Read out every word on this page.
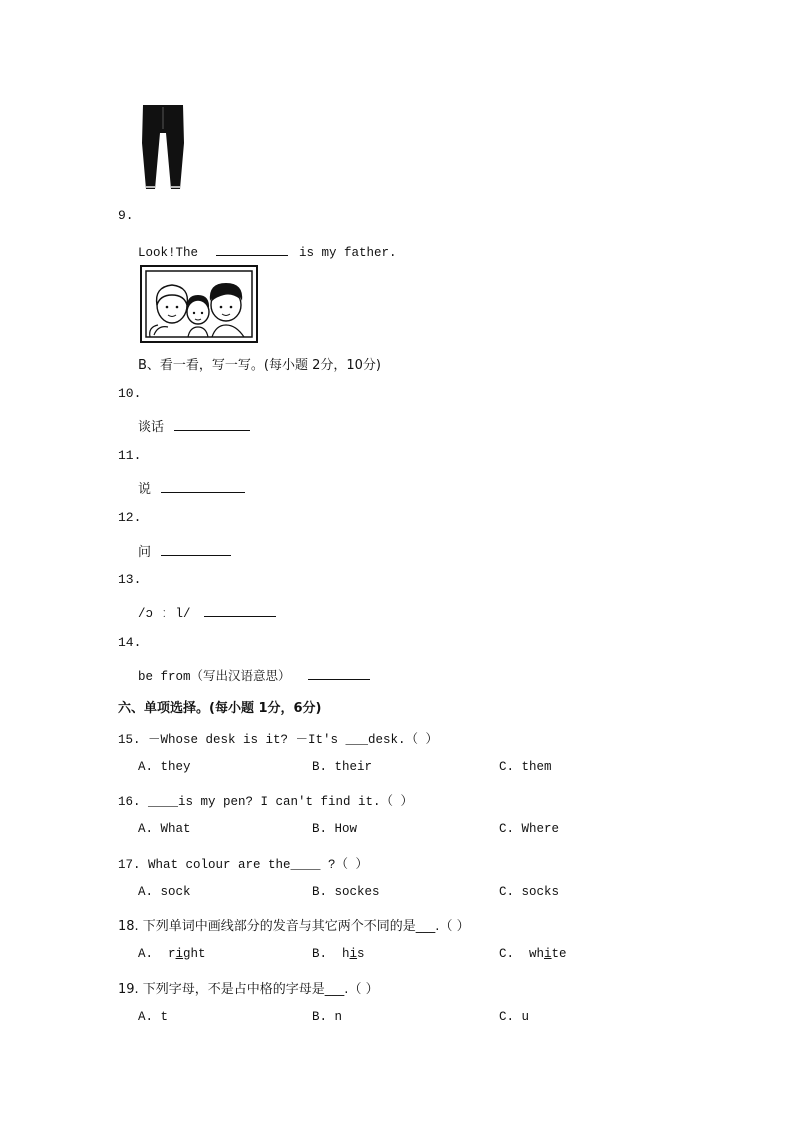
9.
Look!The	is my father.
B、看一看，写一写。(每小题 2分，10分)
10.
谈话
11.
说
12.
问
13.
/ɔ ː l/
14.
be from（写出汉语意思）
六、单项选择。(每小题 1分，6分)
15. －Whose desk is it? －It's ___desk.（ ）
A. they	B. their	C. them
16. ____is my pen? I can't find it.（ ）
A. What	B. How	C. Where
17. What colour are the____ ?（ ）
A. sock	B. sockes	C. socks
18. 下列单词中画线部分的发音与其它两个不同的是___.（ ）
A.  right	B.  his	C.  white
19. 下列字母，不是占中格的字母是___.（ ）
A. t	B. n	C. u
